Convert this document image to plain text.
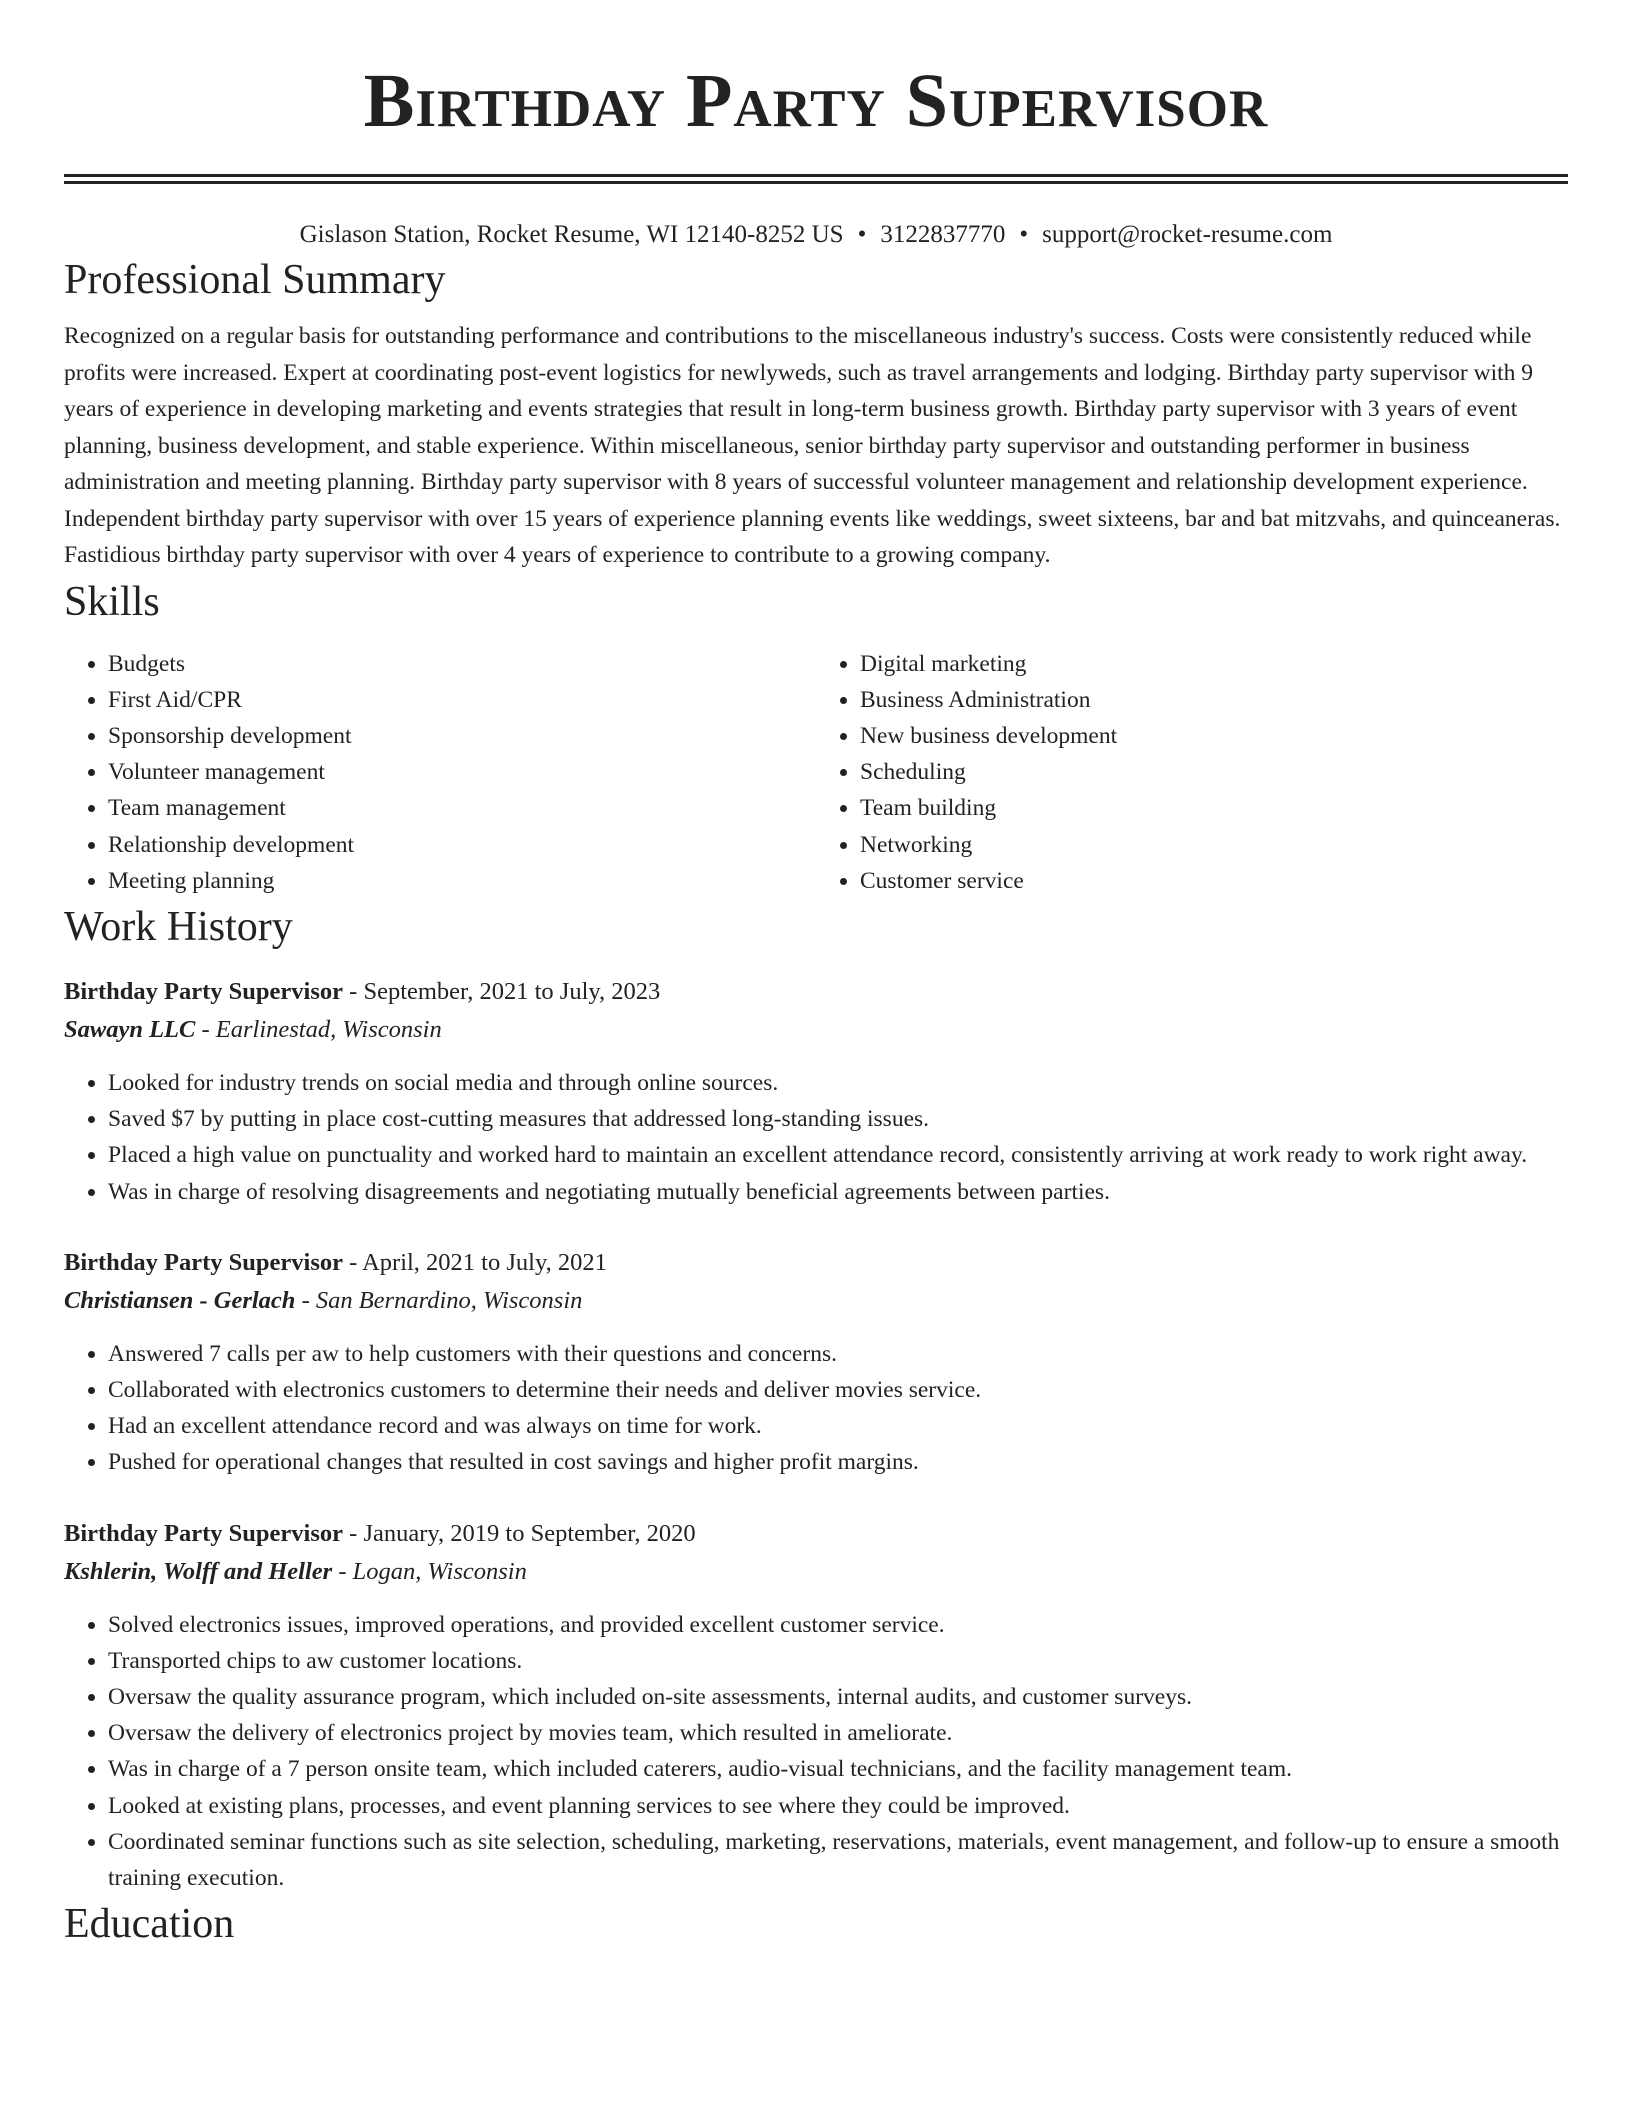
Birthday Party Supervisor
Gislason Station, Rocket Resume, WI 12140-8252 US • 3122837770 • support@rocket-resume.com
Professional Summary
Recognized on a regular basis for outstanding performance and contributions to the miscellaneous industry's success. Costs were consistently reduced while profits were increased. Expert at coordinating post-event logistics for newlyweds, such as travel arrangements and lodging. Birthday party supervisor with 9 years of experience in developing marketing and events strategies that result in long-term business growth. Birthday party supervisor with 3 years of event planning, business development, and stable experience. Within miscellaneous, senior birthday party supervisor and outstanding performer in business administration and meeting planning. Birthday party supervisor with 8 years of successful volunteer management and relationship development experience. Independent birthday party supervisor with over 15 years of experience planning events like weddings, sweet sixteens, bar and bat mitzvahs, and quinceaneras. Fastidious birthday party supervisor with over 4 years of experience to contribute to a growing company.
Skills
• Budgets
• First Aid/CPR
• Sponsorship development
• Volunteer management
• Team management
• Relationship development
• Meeting planning
• Digital marketing
• Business Administration
• New business development
• Scheduling
• Team building
• Networking
• Customer service
Work History
Birthday Party Supervisor - September, 2021 to July, 2023
Sawayn LLC - Earlinestad, Wisconsin
• Looked for industry trends on social media and through online sources.
• Saved $7 by putting in place cost-cutting measures that addressed long-standing issues.
• Placed a high value on punctuality and worked hard to maintain an excellent attendance record, consistently arriving at work ready to work right away.
• Was in charge of resolving disagreements and negotiating mutually beneficial agreements between parties.
Birthday Party Supervisor - April, 2021 to July, 2021
Christiansen - Gerlach - San Bernardino, Wisconsin
• Answered 7 calls per aw to help customers with their questions and concerns.
• Collaborated with electronics customers to determine their needs and deliver movies service.
• Had an excellent attendance record and was always on time for work.
• Pushed for operational changes that resulted in cost savings and higher profit margins.
Birthday Party Supervisor - January, 2019 to September, 2020
Kshlerin, Wolff and Heller - Logan, Wisconsin
• Solved electronics issues, improved operations, and provided excellent customer service.
• Transported chips to aw customer locations.
• Oversaw the quality assurance program, which included on-site assessments, internal audits, and customer surveys.
• Oversaw the delivery of electronics project by movies team, which resulted in ameliorate.
• Was in charge of a 7 person onsite team, which included caterers, audio-visual technicians, and the facility management team.
• Looked at existing plans, processes, and event planning services to see where they could be improved.
• Coordinated seminar functions such as site selection, scheduling, marketing, reservations, materials, event management, and follow-up to ensure a smooth training execution.
Education
